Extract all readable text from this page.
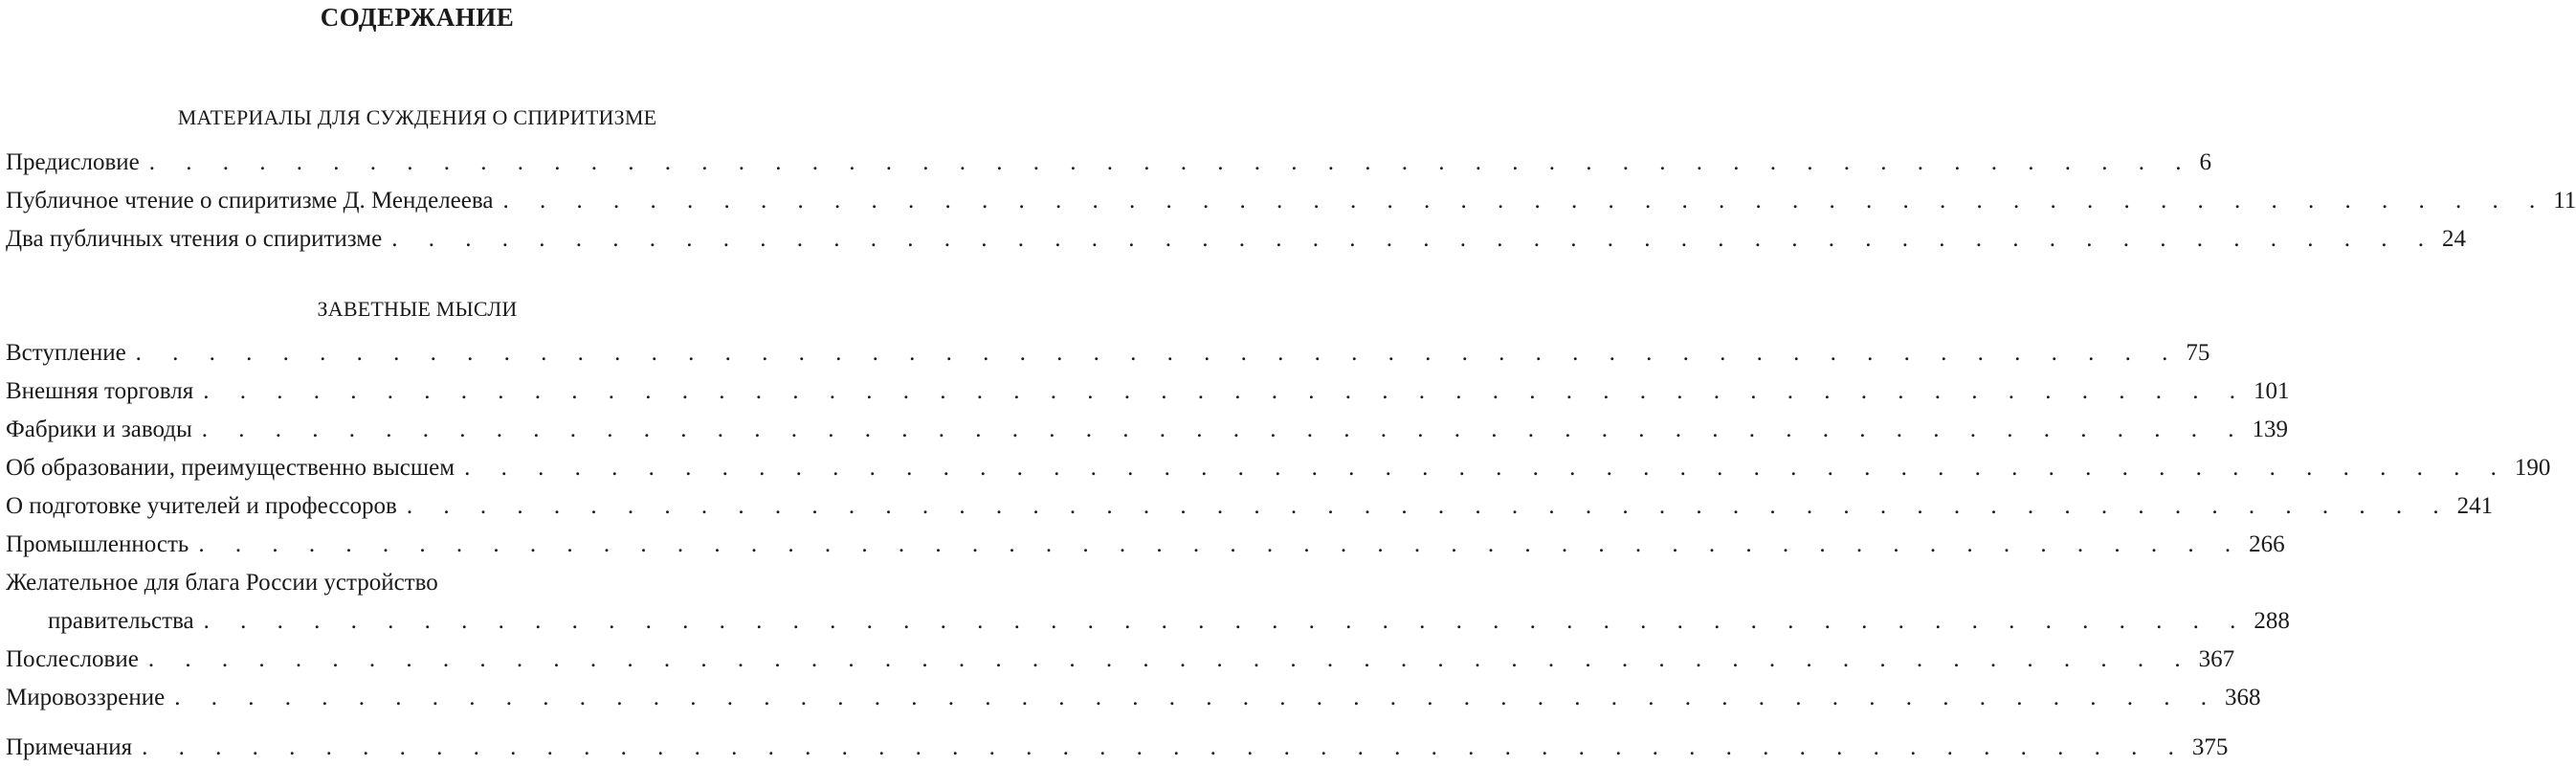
СОДЕРЖАНИЕ
МАТЕРИАЛЫ ДЛЯ СУЖДЕНИЯ О СПИРИТИЗМЕ
Предисловие . . . . . . . . . . . . . . . . . . . . . . . . . . . . . . . . . . . . . . . . . . . . . . . . . . . . . . . . 6
Публичное чтение о спиритизме Д. Менделеева . . . . . . . . . . . . . . . . . . . . . . . . . . . . . . . . . . . . . . . . . . . . . . . . . . . . . . . . 11
Два публичных чтения о спиритизме . . . . . . . . . . . . . . . . . . . . . . . . . . . . . . . . . . . . . . . . . . . . . . . . . . . . . . . . 24
ЗАВЕТНЫЕ МЫСЛИ
Вступление . . . . . . . . . . . . . . . . . . . . . . . . . . . . . . . . . . . . . . . . . . . . . . . . . . . . . . . . 75
Внешняя торговля . . . . . . . . . . . . . . . . . . . . . . . . . . . . . . . . . . . . . . . . . . . . . . . . . . . . . . . . 101
Фабрики и заводы . . . . . . . . . . . . . . . . . . . . . . . . . . . . . . . . . . . . . . . . . . . . . . . . . . . . . . . . 139
Об образовании, преимущественно высшем . . . . . . . . . . . . . . . . . . . . . . . . . . . . . . . . . . . . . . . . . . . . . . . . . . . . . . . . 190
О подготовке учителей и профессоров . . . . . . . . . . . . . . . . . . . . . . . . . . . . . . . . . . . . . . . . . . . . . . . . . . . . . . . . 241
Промышленность . . . . . . . . . . . . . . . . . . . . . . . . . . . . . . . . . . . . . . . . . . . . . . . . . . . . . . . . 266
Желательное для блага России устройство
правительства . . . . . . . . . . . . . . . . . . . . . . . . . . . . . . . . . . . . . . . . . . . . . . . . . . . . . . . . 288
Послесловие . . . . . . . . . . . . . . . . . . . . . . . . . . . . . . . . . . . . . . . . . . . . . . . . . . . . . . . . 367
Мировоззрение . . . . . . . . . . . . . . . . . . . . . . . . . . . . . . . . . . . . . . . . . . . . . . . . . . . . . . . . 368
Примечания . . . . . . . . . . . . . . . . . . . . . . . . . . . . . . . . . . . . . . . . . . . . . . . . . . . . . . . . 375
